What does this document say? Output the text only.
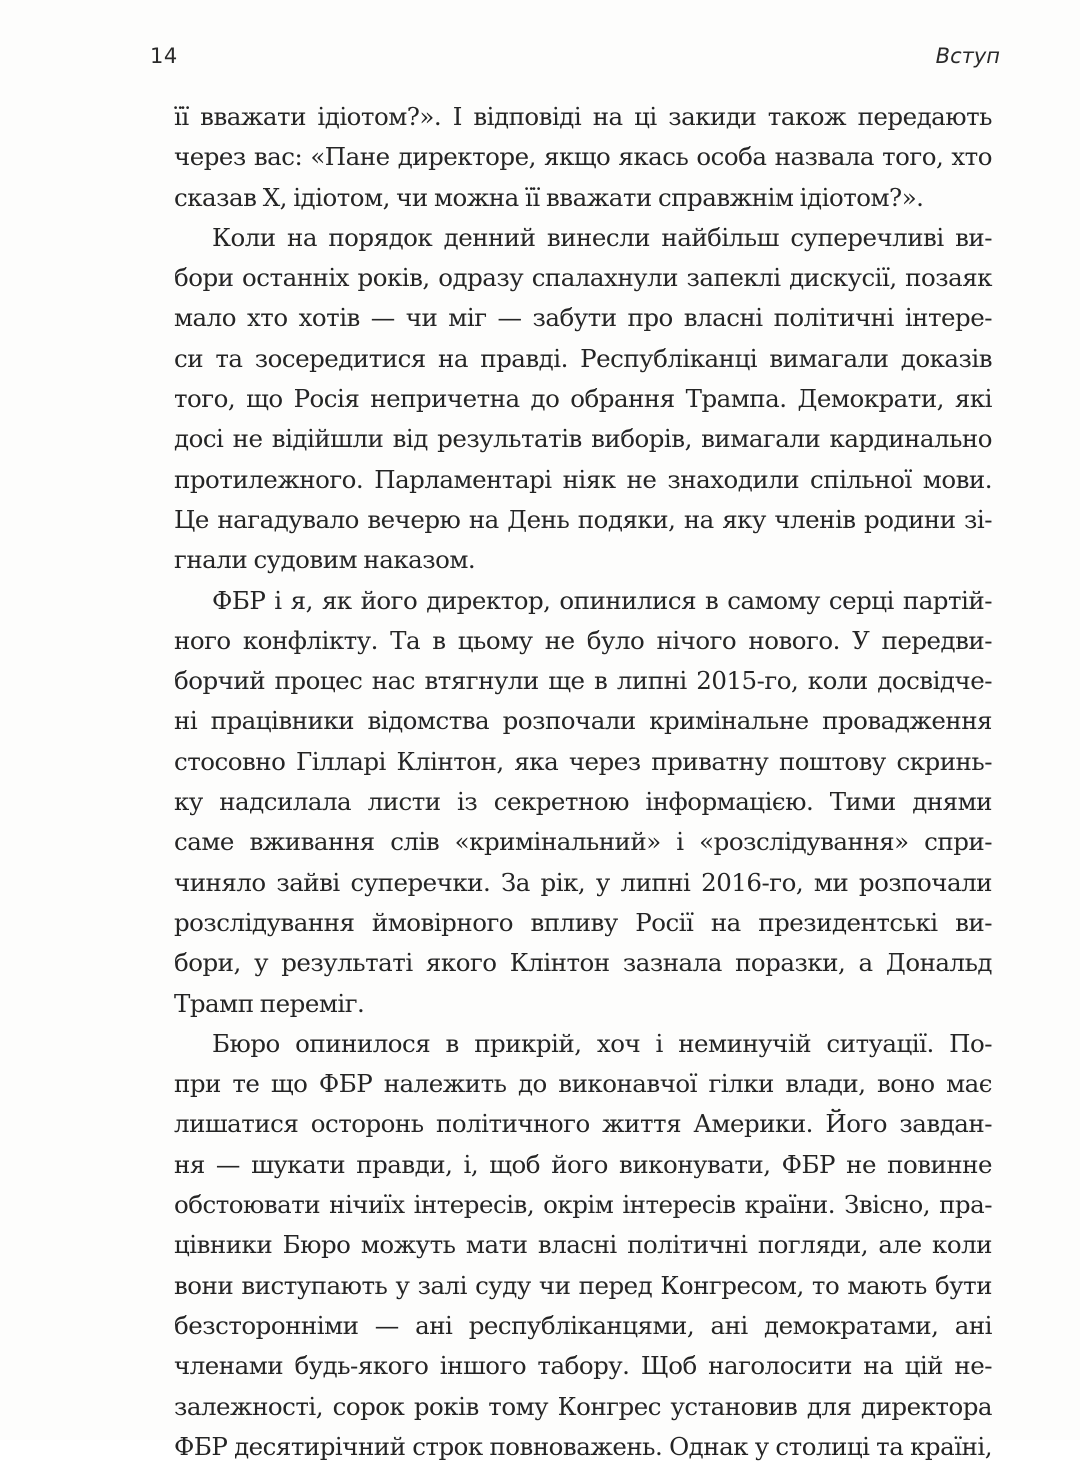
14	Вступ
її вважати ідіотом?». І відповіді на ці закиди також передають
через вас: «Пане директоре, якщо якась особа назвала того, хто
сказав Х, ідіотом, чи можна її вважати справжнім ідіотом?».
Коли на порядок денний винесли найбільш суперечливі ви-
бори останніх років, одразу спалахнули запеклі дискусії, позаяк
мало хто хотів — чи міг — забути про власні політичні інтере-
си та зосередитися на правді. Республіканці вимагали доказів
того, що Росія непричетна до обрання Трампа. Демократи, які
досі не відійшли від результатів виборів, вимагали кардинально
протилежного. Парламентарі ніяк не знаходили спільної мови.
Це нагадувало вечерю на День подяки, на яку членів родини зі-
гнали судовим наказом.
ФБР і я, як його директор, опинилися в самому серці партій-
ного конфлікту. Та в цьому не було нічого нового. У передви-
борчий процес нас втягнули ще в липні 2015-го, коли досвідче-
ні працівники відомства розпочали кримінальне провадження
стосовно Гілларі Клінтон, яка через приватну поштову скринь-
ку надсилала листи із секретною інформацією. Тими днями
саме вживання слів «кримінальний» і «розслідування» спри-
чиняло зайві суперечки. За рік, у липні 2016-го, ми розпочали
розслідування ймовірного впливу Росії на президентські ви-
бори, у результаті якого Клінтон зазнала поразки, а Дональд
Трамп переміг.
Бюро опинилося в прикрій, хоч і неминучій ситуації. По-
при те що ФБР належить до виконавчої гілки влади, воно має
лишатися осторонь політичного життя Америки. Його завдан-
ня — шукати правди, і, щоб його виконувати, ФБР не повинне
обстоювати нічиїх інтересів, окрім інтересів країни. Звісно, пра-
цівники Бюро можуть мати власні політичні погляди, але коли
вони виступають у залі суду чи перед Конгресом, то мають бути
безсторонніми — ані республіканцями, ані демократами, ані
членами будь-якого іншого табору. Щоб наголосити на цій не-
залежності, сорок років тому Конгрес установив для директора
ФБР десятирічний строк повноважень. Однак у столиці та країні,
